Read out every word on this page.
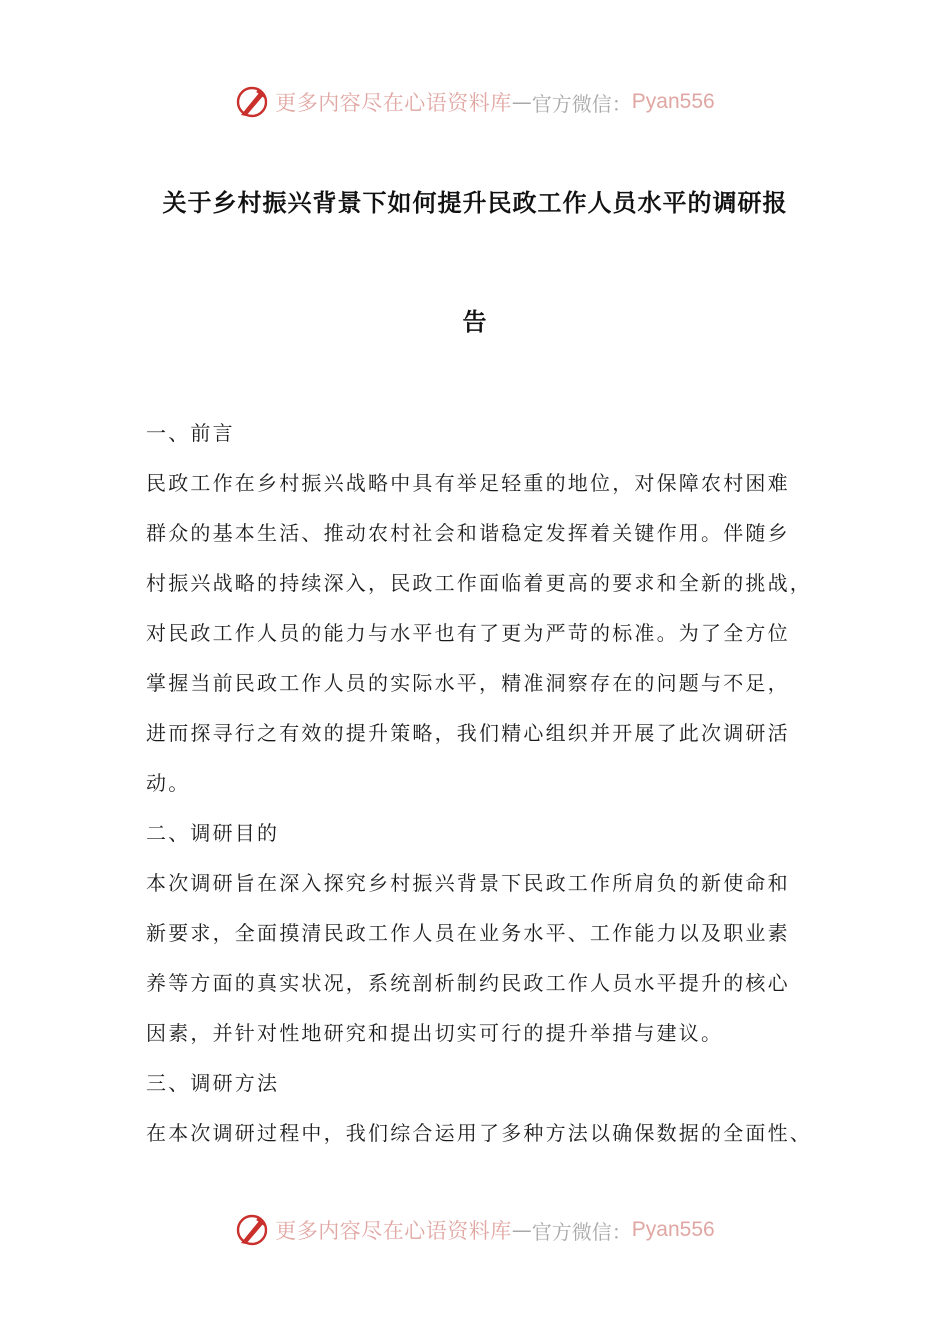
更多内容尽在心语资料库 — 官方微信： Pyan556
关于乡村振兴背景下如何提升民政工作人员水平的调研报
告
一、前言
民政工作在乡村振兴战略中具有举足轻重的地位，对保障农村困难
群众的基本生活、推动农村社会和谐稳定发挥着关键作用。伴随乡
村振兴战略的持续深入，民政工作面临着更高的要求和全新的挑战，
对民政工作人员的能力与水平也有了更为严苛的标准。为了全方位
掌握当前民政工作人员的实际水平，精准洞察存在的问题与不足，
进而探寻行之有效的提升策略，我们精心组织并开展了此次调研活
动。
二、调研目的
本次调研旨在深入探究乡村振兴背景下民政工作所肩负的新使命和
新要求，全面摸清民政工作人员在业务水平、工作能力以及职业素
养等方面的真实状况，系统剖析制约民政工作人员水平提升的核心
因素，并针对性地研究和提出切实可行的提升举措与建议。
三、调研方法
在本次调研过程中，我们综合运用了多种方法以确保数据的全面性、
更多内容尽在心语资料库 — 官方微信： Pyan556
